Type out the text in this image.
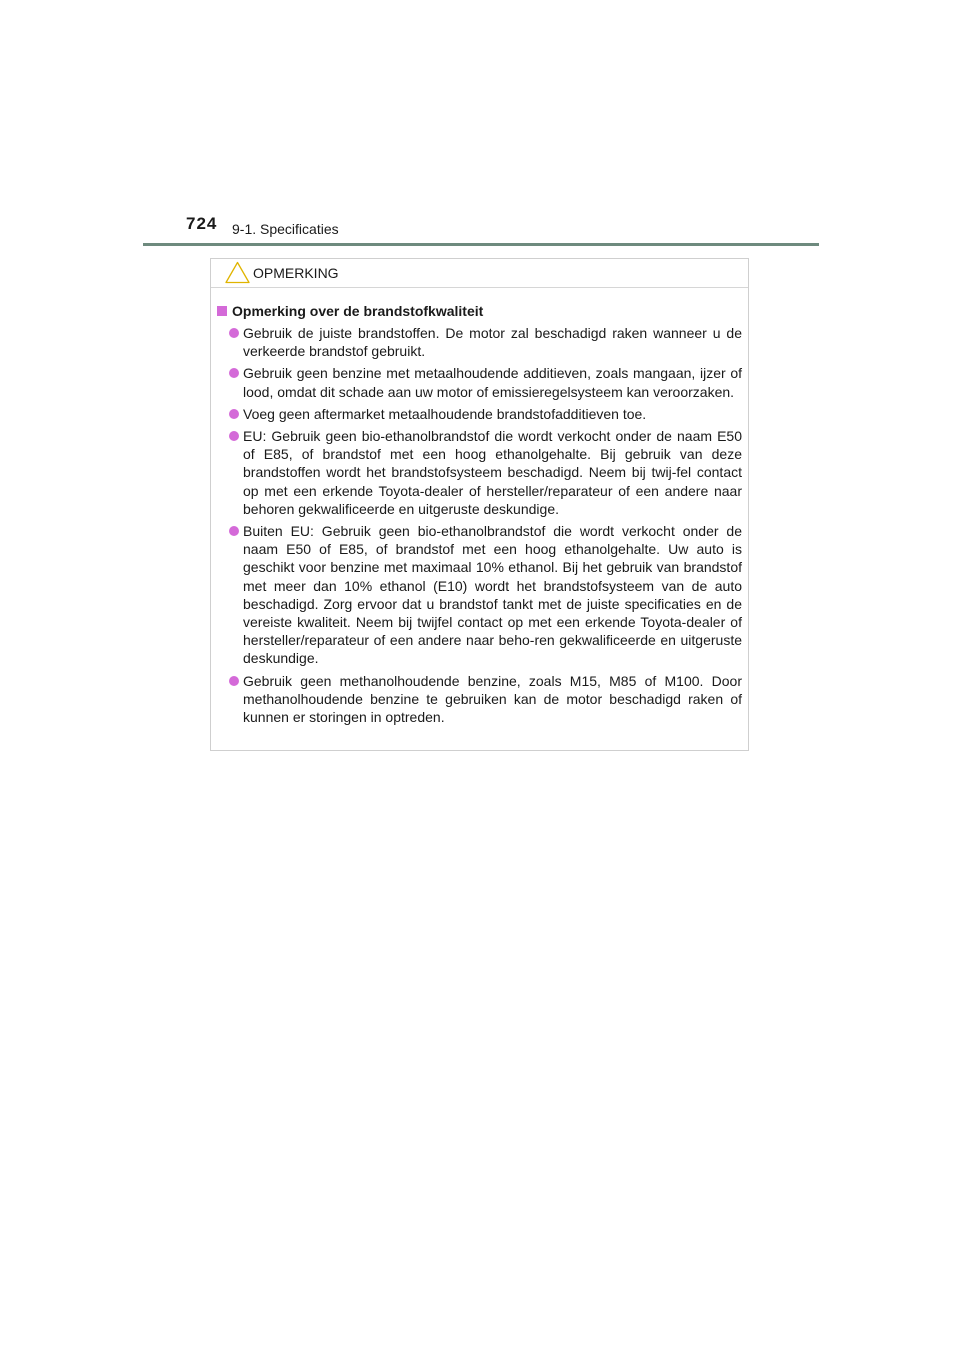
724 9-1. Specificaties
OPMERKING
Opmerking over de brandstofkwaliteit
Gebruik de juiste brandstoffen. De motor zal beschadigd raken wanneer u de verkeerde brandstof gebruikt.
Gebruik geen benzine met metaalhoudende additieven, zoals mangaan, ijzer of lood, omdat dit schade aan uw motor of emissieregelsysteem kan veroorzaken.
Voeg geen aftermarket metaalhoudende brandstofadditieven toe.
EU: Gebruik geen bio-ethanolbrandstof die wordt verkocht onder de naam E50 of E85, of brandstof met een hoog ethanolgehalte. Bij gebruik van deze brandstoffen wordt het brandstofsysteem beschadigd. Neem bij twij-fel contact op met een erkende Toyota-dealer of hersteller/reparateur of een andere naar behoren gekwalificeerde en uitgeruste deskundige.
Buiten EU: Gebruik geen bio-ethanolbrandstof die wordt verkocht onder de naam E50 of E85, of brandstof met een hoog ethanolgehalte. Uw auto is geschikt voor benzine met maximaal 10% ethanol. Bij het gebruik van brandstof met meer dan 10% ethanol (E10) wordt het brandstofsysteem van de auto beschadigd. Zorg ervoor dat u brandstof tankt met de juiste specificaties en de vereiste kwaliteit. Neem bij twijfel contact op met een erkende Toyota-dealer of hersteller/reparateur of een andere naar beho-ren gekwalificeerde en uitgeruste deskundige.
Gebruik geen methanolhoudende benzine, zoals M15, M85 of M100. Door methanolhoudende benzine te gebruiken kan de motor beschadigd raken of kunnen er storingen in optreden.
